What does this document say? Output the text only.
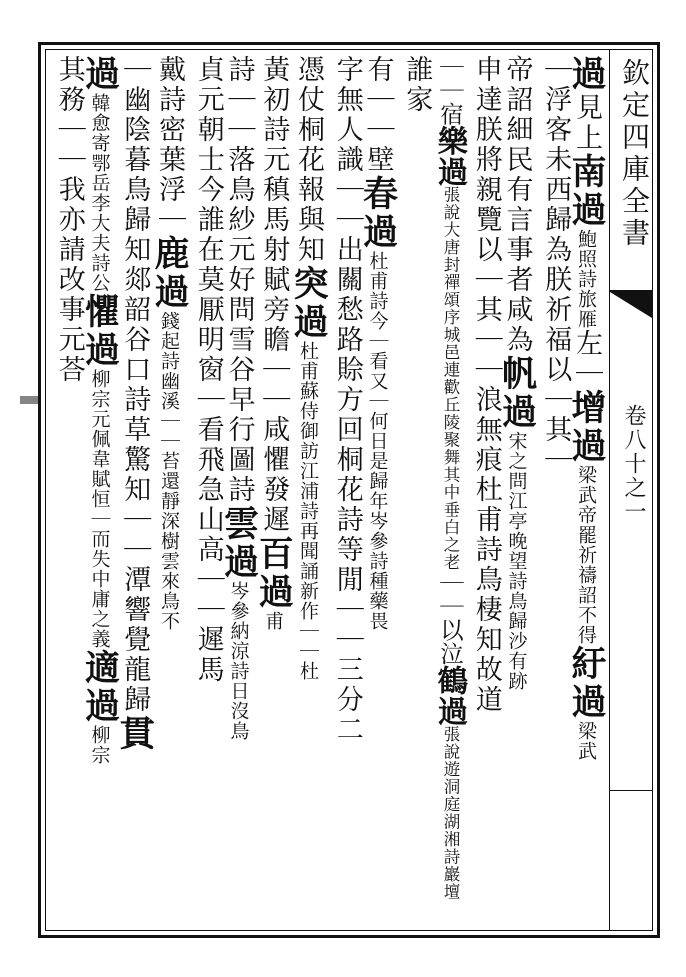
欽定四庫全書
卷八十之一
過見上南過鮑照詩旅雁左｜增過梁武帝罷祈禱詔不得紆過梁武
｜浮客未西歸為朕祈福以｜其｜
帝詔細民有言事者咸為帆過宋之問江亭晚望詩鳥歸沙有跡
申達朕將親覽以｜其｜｜浪無痕杜甫詩鳥棲知故道
｜｜宿樂過張說大唐封禪頌序城邑連歡丘陵聚舞其中垂白之老｜｜以泣鶴過張說遊洞庭湖湘詩巖壇
誰家
有｜｜壁春過杜甫詩今｜看又｜何日是歸年岑參詩種藥畏
字無人識｜｜出關愁路賒方回桐花詩等閒｜｜三分二
憑仗桐花報與知突過杜甫蘇侍御訪江浦詩再聞誦新作｜｜杜
黃初詩元稹馬射賦旁瞻｜｜咸懼發遲百過甫
詩｜｜落鳥紗元好問雪谷早行圖詩雲過岑參納涼詩日沒鳥
貞元朝士今誰在莫厭明窗｜看飛急山高｜｜遲馬
戴詩密葉浮｜鹿過錢起詩幽溪｜｜苔還靜深樹雲來鳥不
｜幽陰暮鳥歸知郯韶谷口詩草驚知｜｜潭響覺龍歸貫
過韓愈寄鄂岳李大夫詩公懼過柳宗元佩韋賦恒｜而失中庸之義適過柳宗
其務｜｜我亦請改事元荅
